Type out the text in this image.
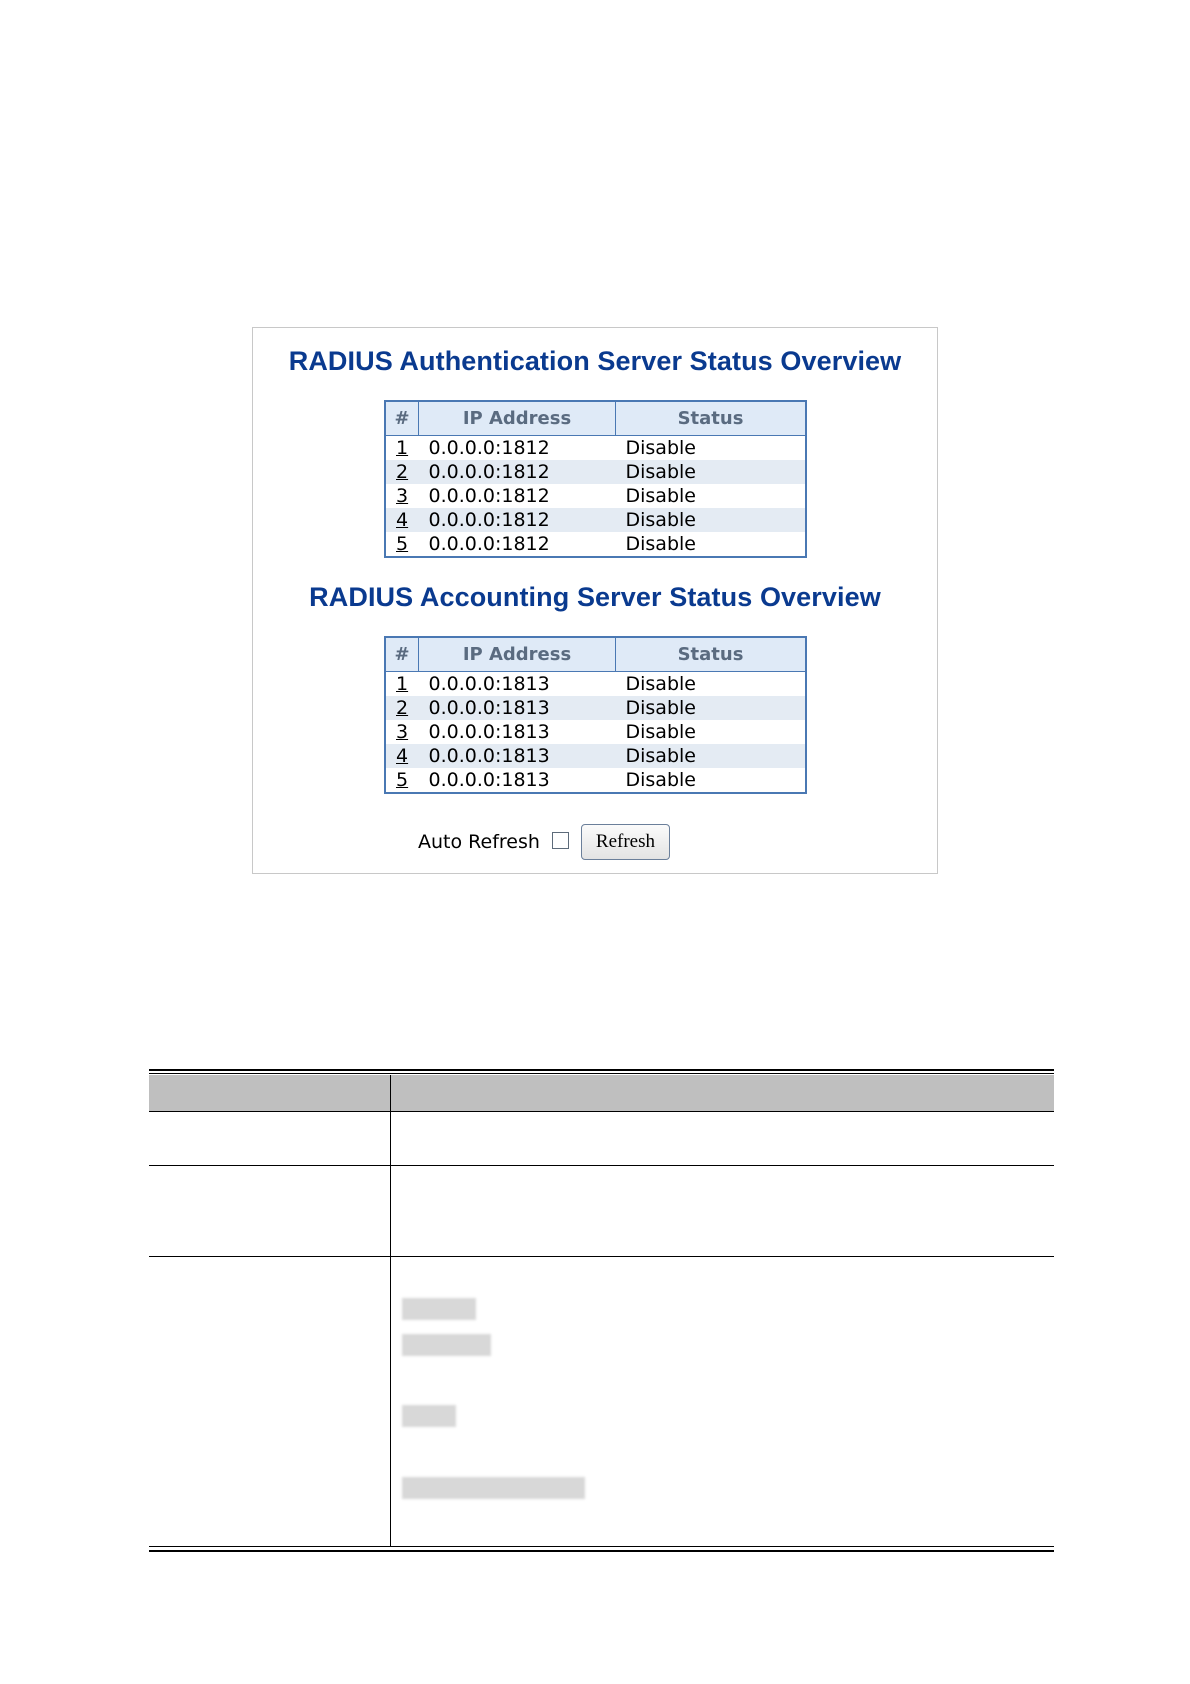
RADIUS Authentication Server Status Overview
#	IP Address	Status
1	0.0.0.0:1812	Disable
2	0.0.0.0:1812	Disable
3	0.0.0.0:1812	Disable
4	0.0.0.0:1812	Disable
5	0.0.0.0:1812	Disable
RADIUS Accounting Server Status Overview
#	IP Address	Status
1	0.0.0.0:1813	Disable
2	0.0.0.0:1813	Disable
3	0.0.0.0:1813	Disable
4	0.0.0.0:1813	Disable
5	0.0.0.0:1813	Disable
Auto Refresh	Refresh
